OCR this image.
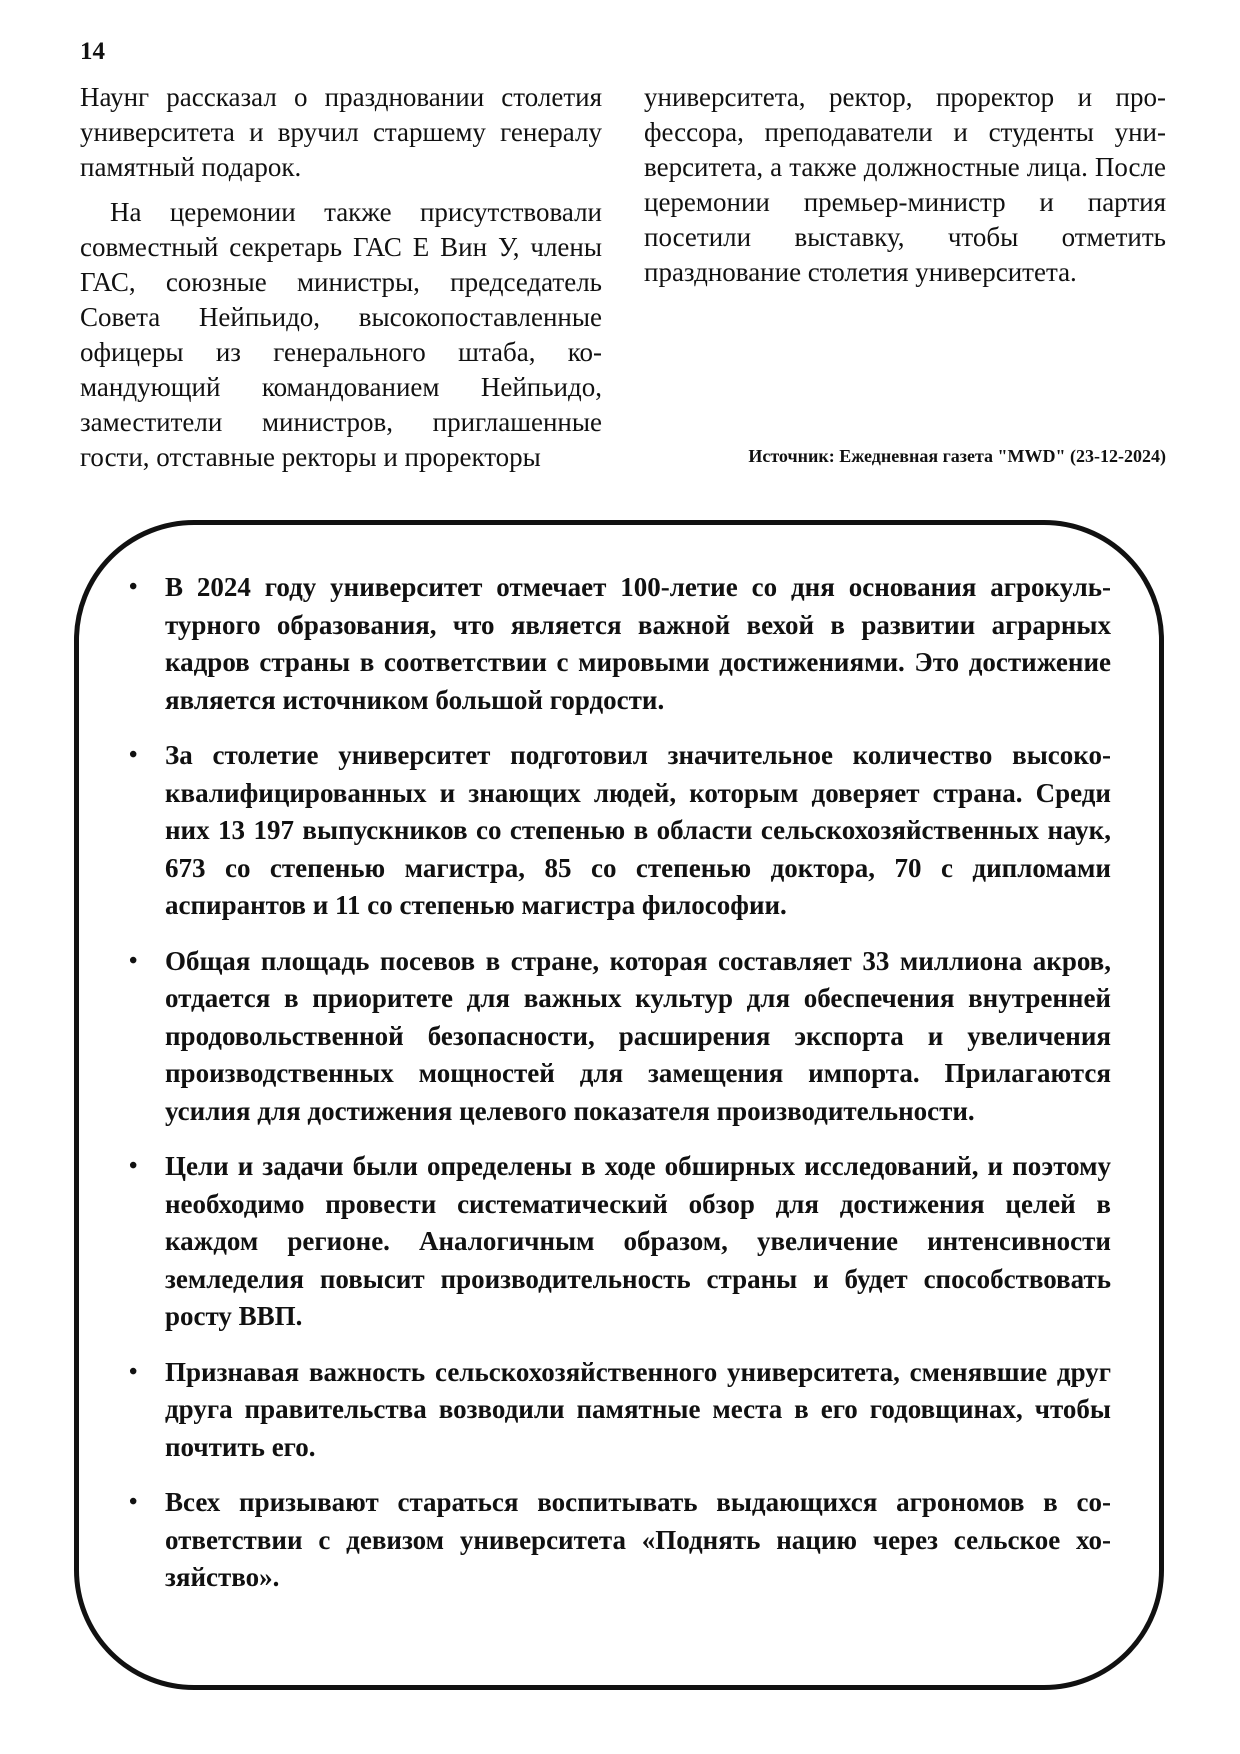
14

Наунг рассказал о праздновании столетия университета и вручил старшему генералу памятный подарок.

На церемонии также присутствовали совместный секретарь ГАС Е Вин У, члены ГАС, союзные министры, председатель Совета Нейпьидо, высокопоставленные офицеры из генерального штаба, командующий командованием Нейпьидо, заместители министров, приглашенные гости, отставные ректоры и проректоры

университета, ректор, проректор и профессора, преподаватели и студенты университета, а также должностные лица. После церемонии премьер-министр и партия посетили выставку, чтобы отметить празднование столетия университета.

Источник: Ежедневная газета "MWD" (23-12-2024)
• В 2024 году университет отмечает 100-летие со дня основания агрокультурного образования, что является важной вехой в развитии аграрных кадров страны в соответствии с мировыми достижениями. Это достижение является источником большой гордости.
• За столетие университет подготовил значительное количество высококвалифицированных и знающих людей, которым доверяет страна. Среди них 13 197 выпускников со степенью в области сельскохозяйственных наук, 673 со степенью магистра, 85 со степенью доктора, 70 с дипломами аспирантов и 11 со степенью магистра философии.
• Общая площадь посевов в стране, которая составляет 33 миллиона акров, отдается в приоритете для важных культур для обеспечения внутренней продовольственной безопасности, расширения экспорта и увеличения производственных мощностей для замещения импорта. Прилагаются усилия для достижения целевого показателя производительности.
• Цели и задачи были определены в ходе обширных исследований, и поэтому необходимо провести систематический обзор для достижения целей в каждом регионе. Аналогичным образом, увеличение интенсивности земледелия повысит производительность страны и будет способствовать росту ВВП.
• Признавая важность сельскохозяйственного университета, сменявшие друг друга правительства возводили памятные места в его годовщинах, чтобы почтить его.
• Всех призывают стараться воспитывать выдающихся агрономов в соответствии с девизом университета «Поднять нацию через сельское хозяйство».
